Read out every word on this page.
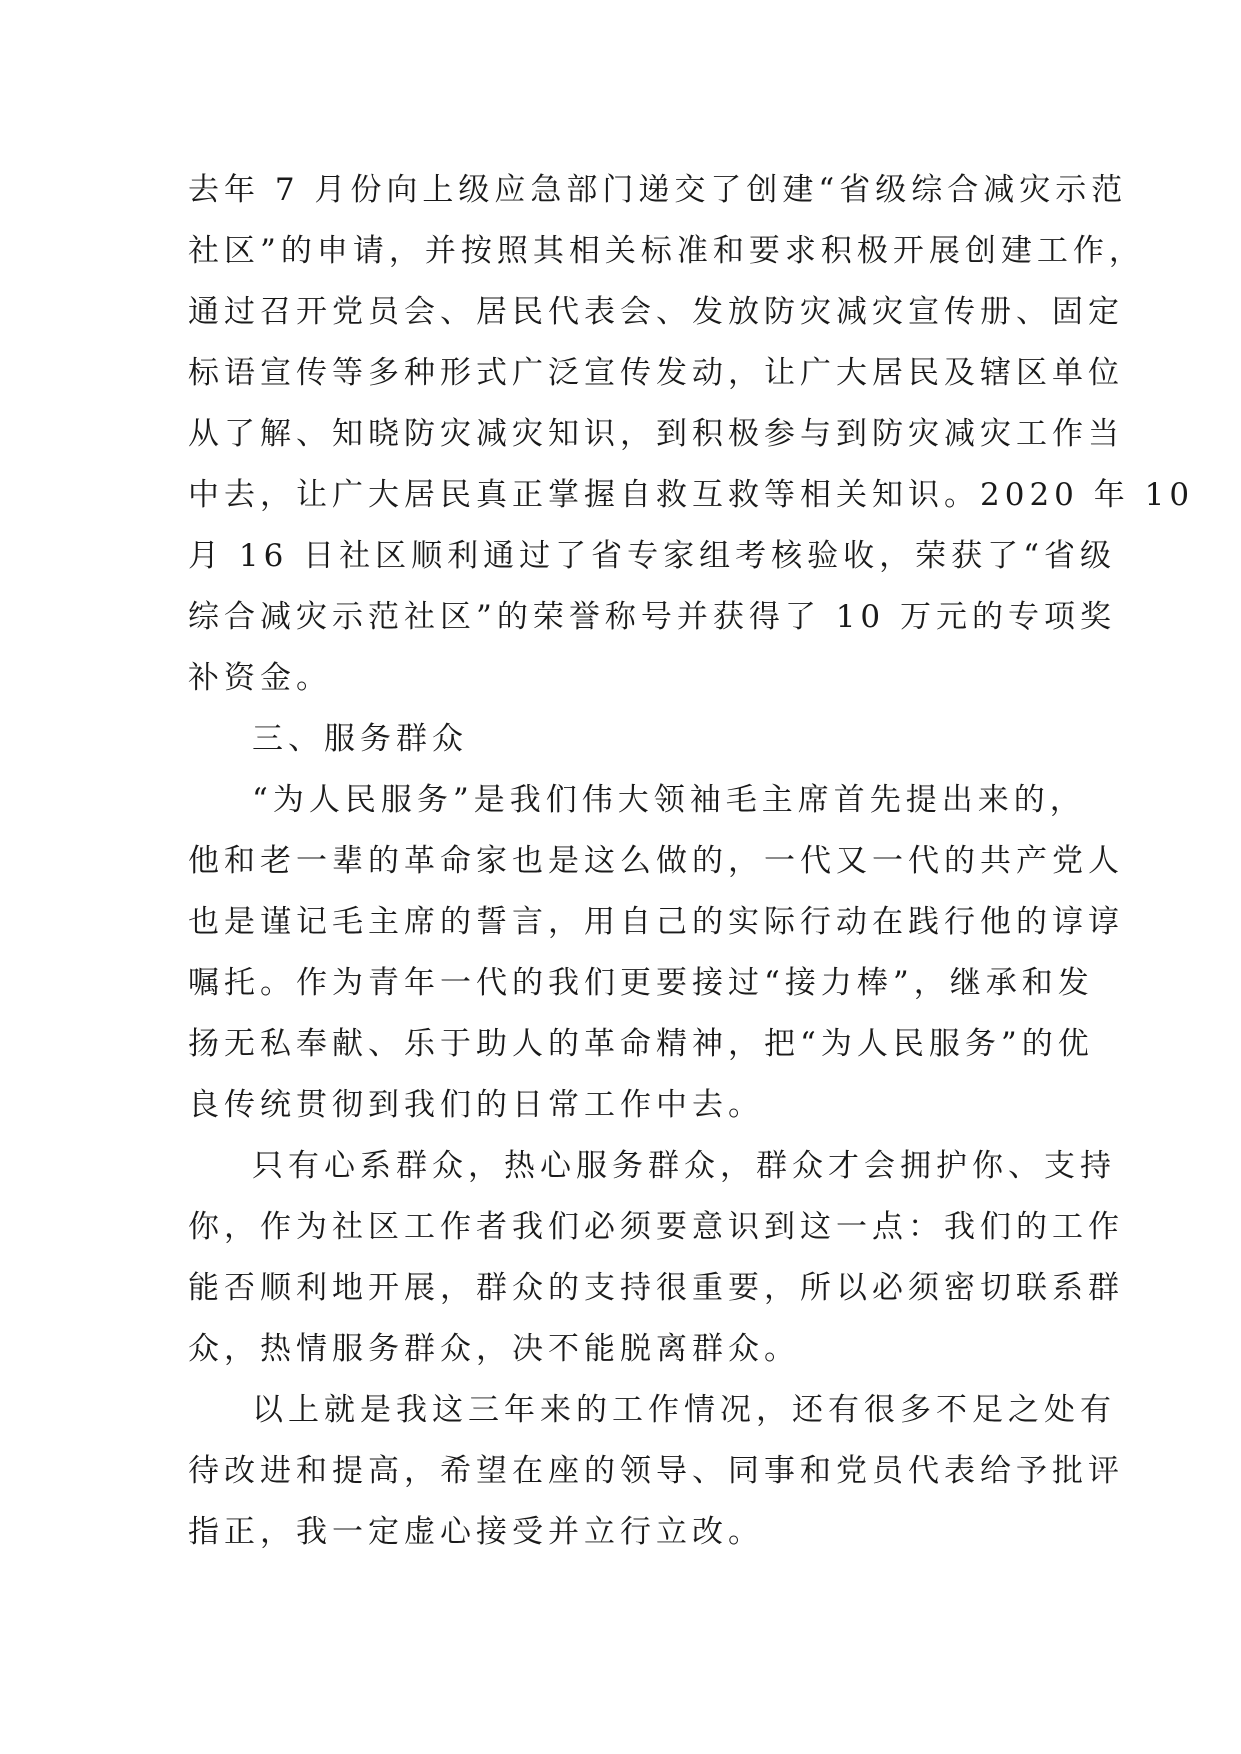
去年 7 月份向上级应急部门递交了创建“省级综合减灾示范
社区”的申请，并按照其相关标准和要求积极开展创建工作，
通过召开党员会、居民代表会、发放防灾减灾宣传册、固定
标语宣传等多种形式广泛宣传发动，让广大居民及辖区单位
从了解、知晓防灾减灾知识，到积极参与到防灾减灾工作当
中去，让广大居民真正掌握自救互救等相关知识。2020 年 10
月 16 日社区顺利通过了省专家组考核验收，荣获了“省级
综合减灾示范社区”的荣誉称号并获得了 10 万元的专项奖
补资金。
三、服务群众
“为人民服务”是我们伟大领袖毛主席首先提出来的，
他和老一辈的革命家也是这么做的，一代又一代的共产党人
也是谨记毛主席的誓言，用自己的实际行动在践行他的谆谆
嘱托。作为青年一代的我们更要接过“接力棒”，继承和发
扬无私奉献、乐于助人的革命精神，把“为人民服务”的优
良传统贯彻到我们的日常工作中去。
只有心系群众，热心服务群众，群众才会拥护你、支持
你，作为社区工作者我们必须要意识到这一点：我们的工作
能否顺利地开展，群众的支持很重要，所以必须密切联系群
众，热情服务群众，决不能脱离群众。
以上就是我这三年来的工作情况，还有很多不足之处有
待改进和提高，希望在座的领导、同事和党员代表给予批评
指正，我一定虚心接受并立行立改。
